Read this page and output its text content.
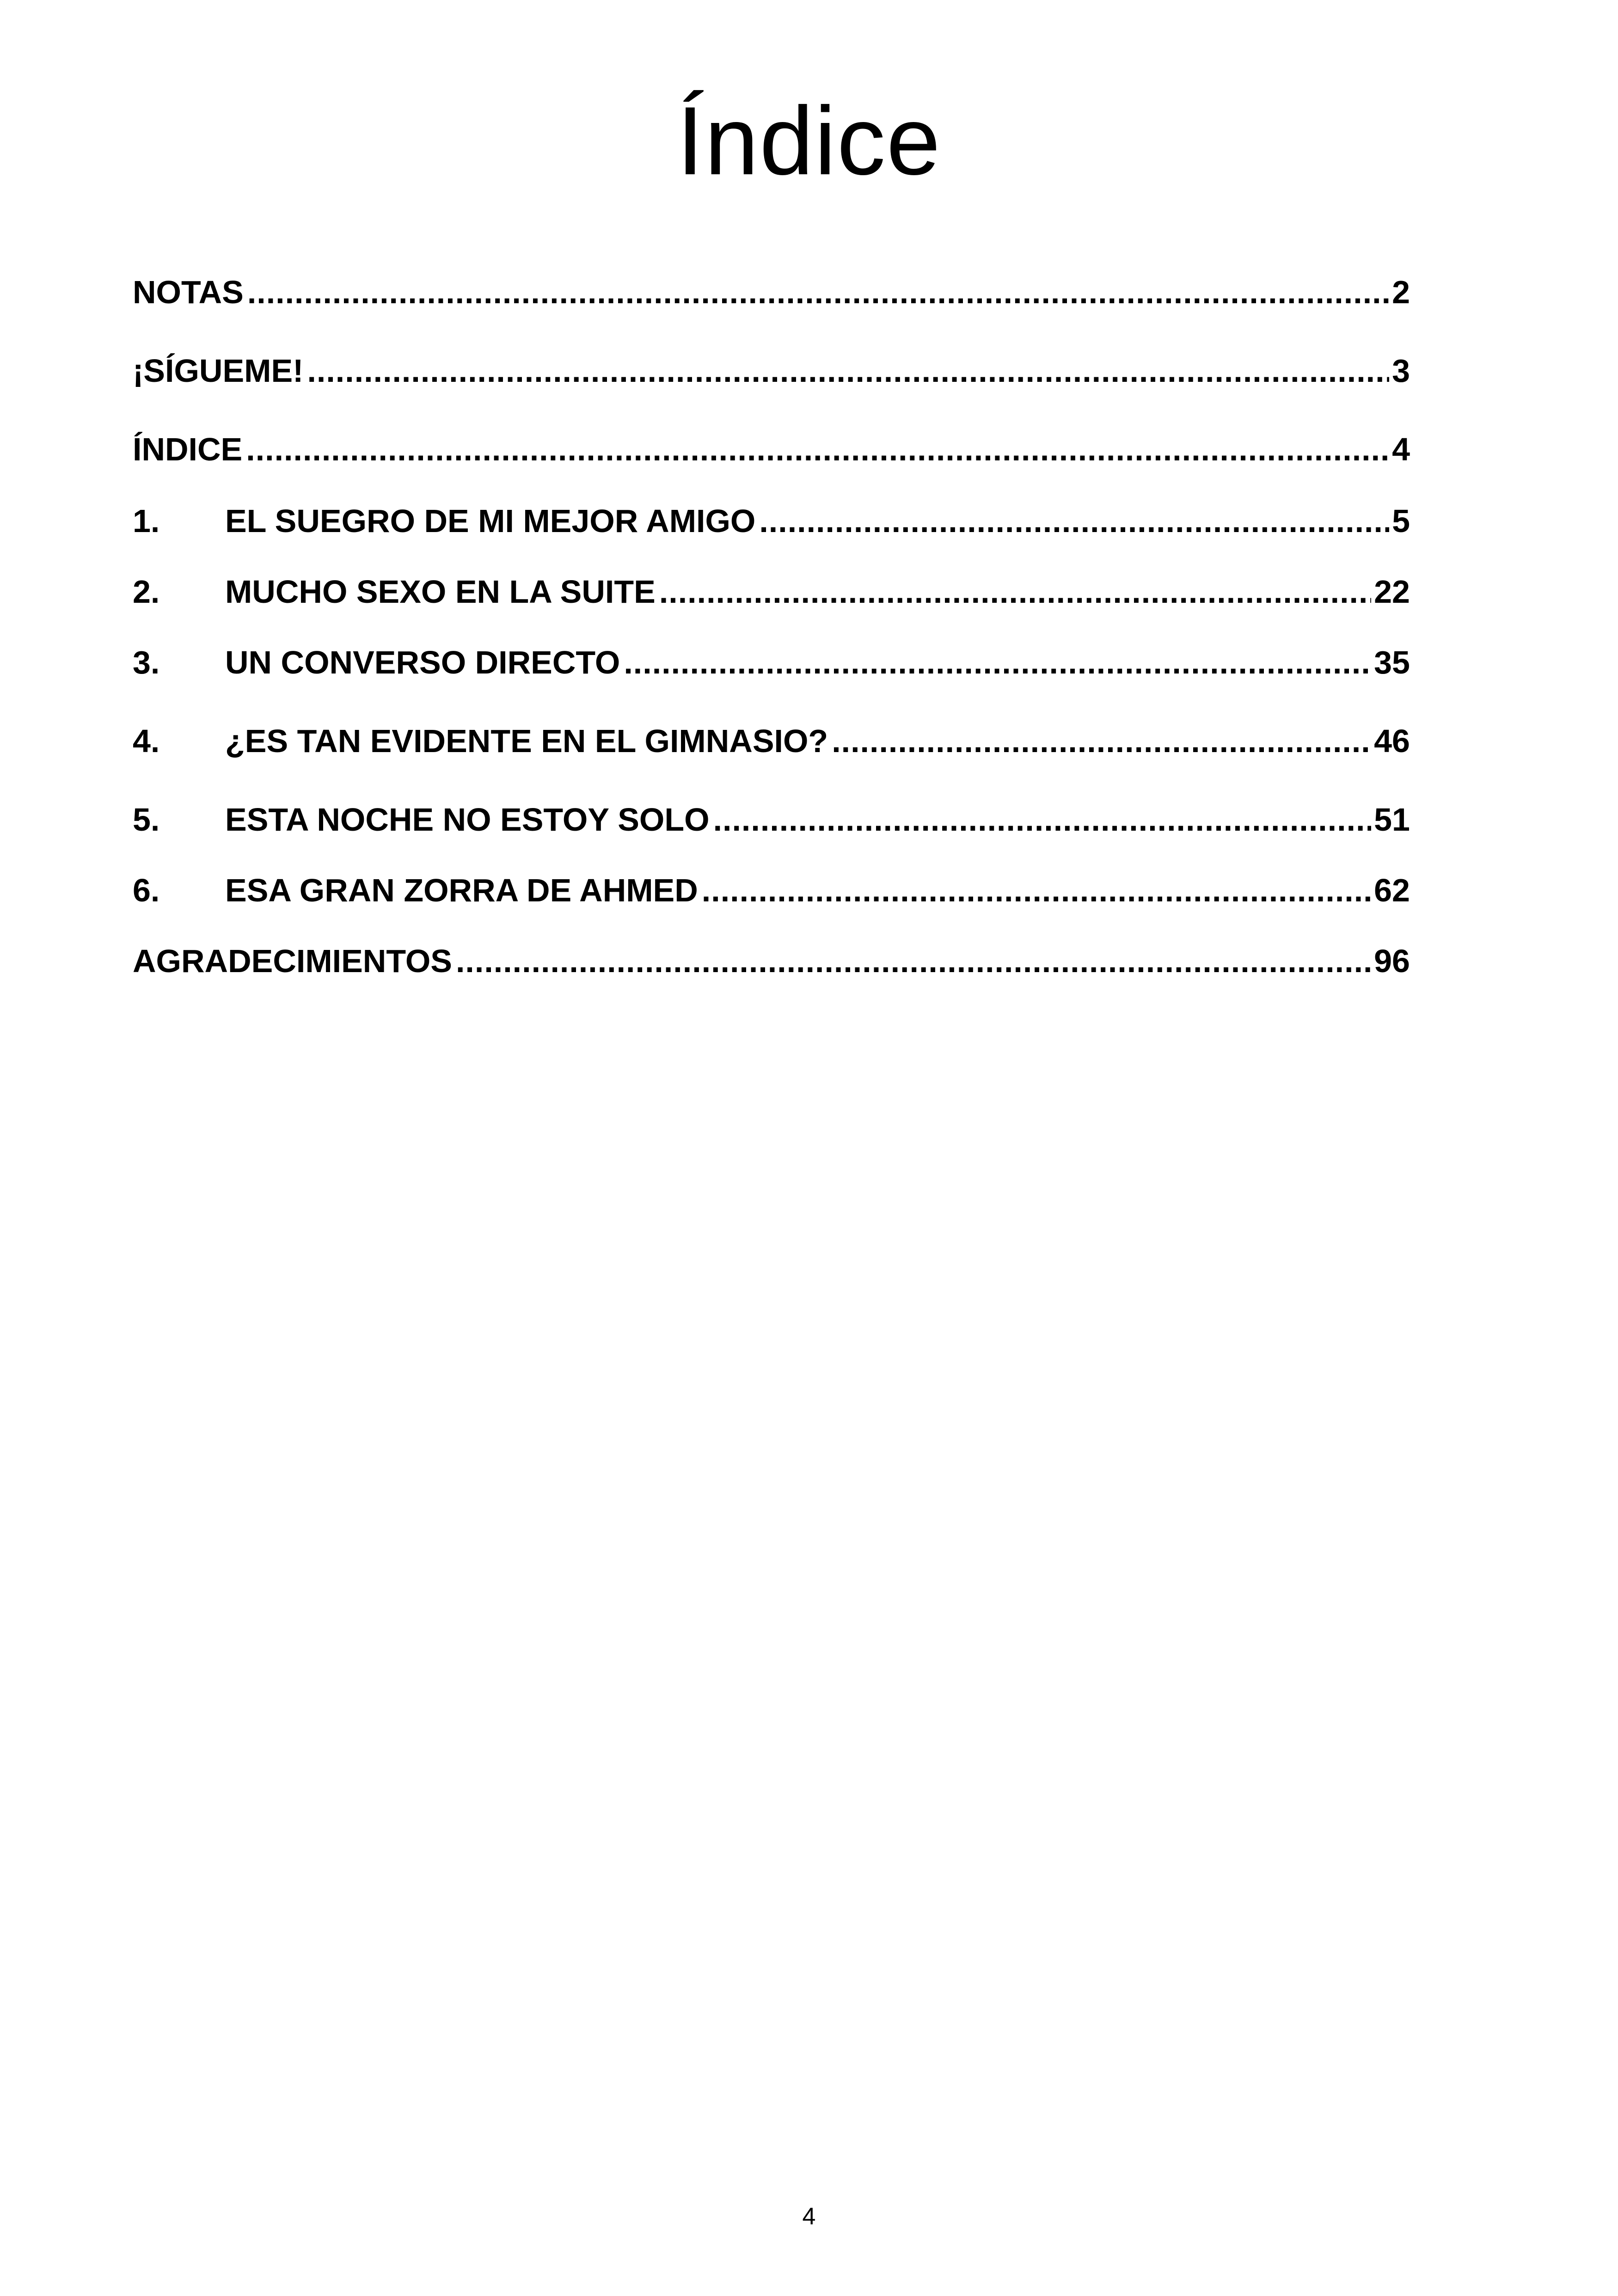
Índice
NOTAS .....	2
¡SÍGUEME! .....	3
ÍNDICE .....	4
1.	EL SUEGRO DE MI MEJOR AMIGO .....	5
2.	MUCHO SEXO EN LA SUITE .....	22
3.	UN CONVERSO DIRECTO .....	35
4.	¿ES TAN EVIDENTE EN EL GIMNASIO? .....	46
5.	ESTA NOCHE NO ESTOY SOLO .....	51
6.	ESA GRAN ZORRA DE AHMED .....	62
AGRADECIMIENTOS .....	96
4
